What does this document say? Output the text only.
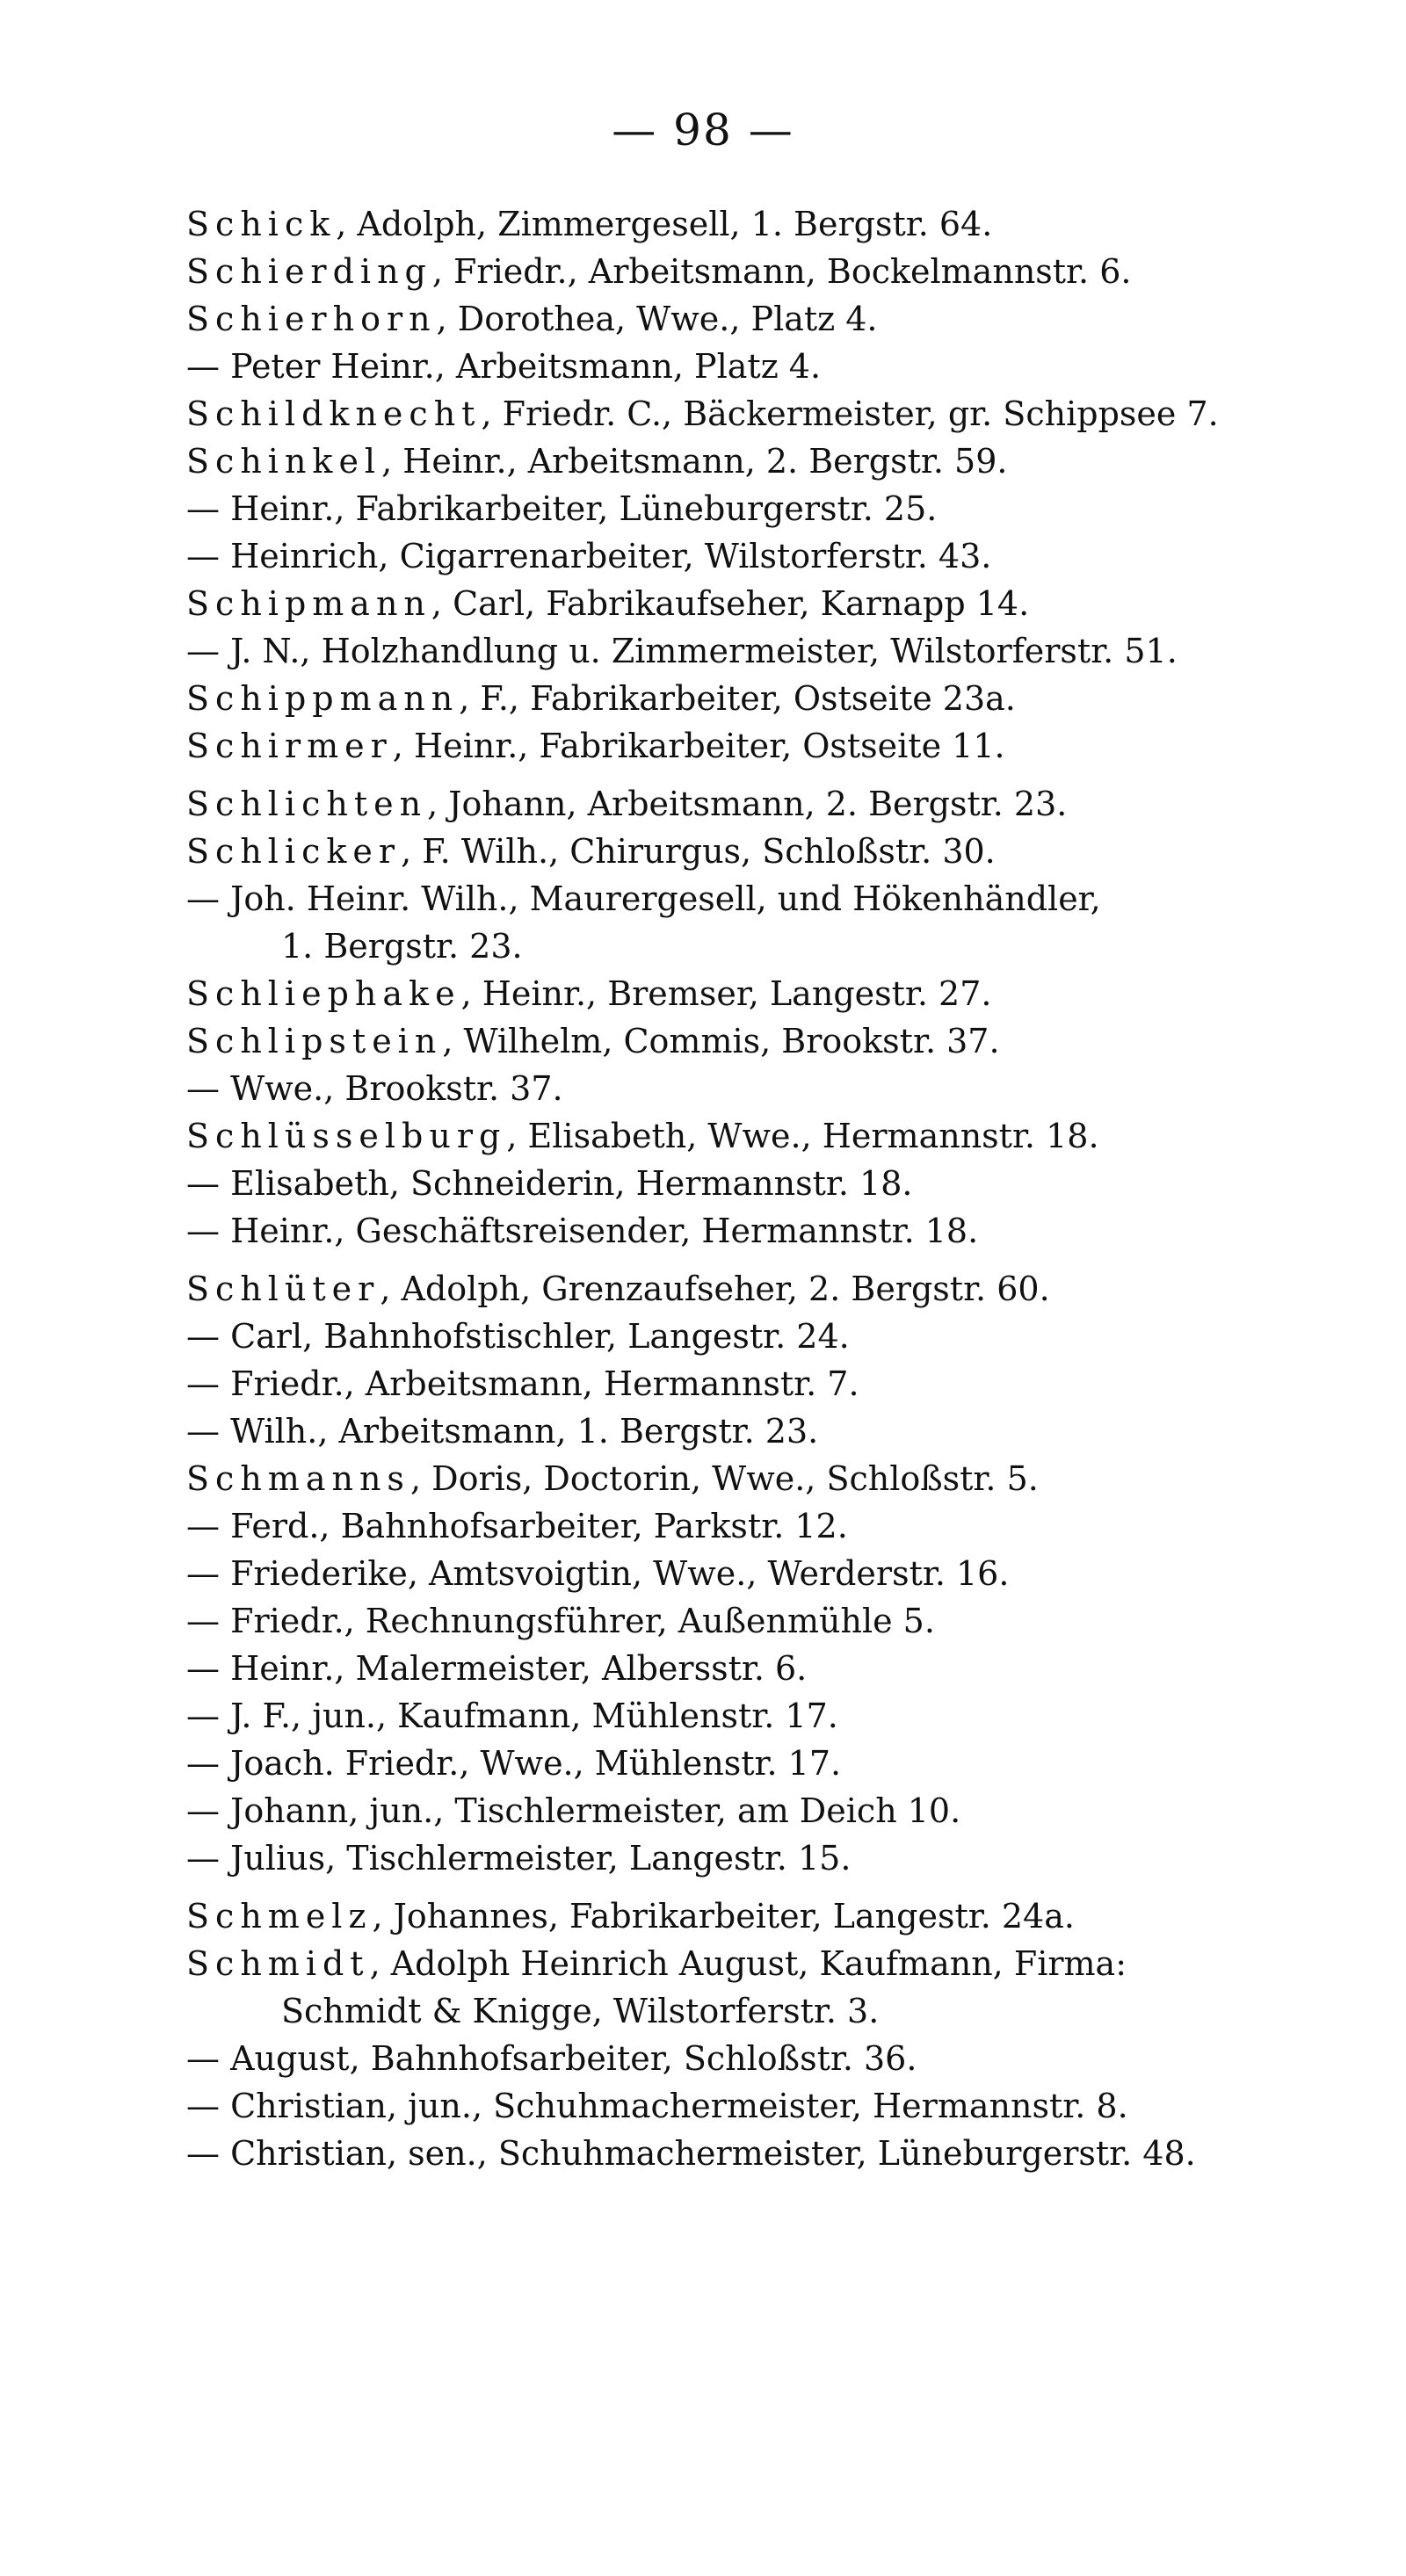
— 98 —
Schick, Adolph, Zimmergesell, 1. Bergstr. 64.
Schierding, Friedr., Arbeitsmann, Bockelmannstr. 6.
Schierhorn, Dorothea, Wwe., Platz 4.
— Peter Heinr., Arbeitsmann, Platz 4.
Schildknecht, Friedr. C., Bäckermeister, gr. Schippsee 7.
Schinkel, Heinr., Arbeitsmann, 2. Bergstr. 59.
— Heinr., Fabrikarbeiter, Lüneburgerstr. 25.
— Heinrich, Cigarrenarbeiter, Wilstorferstr. 43.
Schipmann, Carl, Fabrikaufseher, Karnapp 14.
— J. N., Holzhandlung u. Zimmermeister, Wilstorferstr. 51.
Schippmann, F., Fabrikarbeiter, Ostseite 23a.
Schirmer, Heinr., Fabrikarbeiter, Ostseite 11.
Schlichten, Johann, Arbeitsmann, 2. Bergstr. 23.
Schlicker, F. Wilh., Chirurgus, Schloßstr. 30.
— Joh. Heinr. Wilh., Maurergesell, und Hökenhändler,
1. Bergstr. 23.
Schliephake, Heinr., Bremser, Langestr. 27.
Schlipstein, Wilhelm, Commis, Brookstr. 37.
— Wwe., Brookstr. 37.
Schlüsselburg, Elisabeth, Wwe., Hermannstr. 18.
— Elisabeth, Schneiderin, Hermannstr. 18.
— Heinr., Geschäftsreisender, Hermannstr. 18.
Schlüter, Adolph, Grenzaufseher, 2. Bergstr. 60.
— Carl, Bahnhofstischler, Langestr. 24.
— Friedr., Arbeitsmann, Hermannstr. 7.
— Wilh., Arbeitsmann, 1. Bergstr. 23.
Schmanns, Doris, Doctorin, Wwe., Schloßstr. 5.
— Ferd., Bahnhofsarbeiter, Parkstr. 12.
— Friederike, Amtsvoigtin, Wwe., Werderstr. 16.
— Friedr., Rechnungsführer, Außenmühle 5.
— Heinr., Malermeister, Albersstr. 6.
— J. F., jun., Kaufmann, Mühlenstr. 17.
— Joach. Friedr., Wwe., Mühlenstr. 17.
— Johann, jun., Tischlermeister, am Deich 10.
— Julius, Tischlermeister, Langestr. 15.
Schmelz, Johannes, Fabrikarbeiter, Langestr. 24a.
Schmidt, Adolph Heinrich August, Kaufmann, Firma:
Schmidt & Knigge, Wilstorferstr. 3.
— August, Bahnhofsarbeiter, Schloßstr. 36.
— Christian, jun., Schuhmachermeister, Hermannstr. 8.
— Christian, sen., Schuhmachermeister, Lüneburgerstr. 48.
